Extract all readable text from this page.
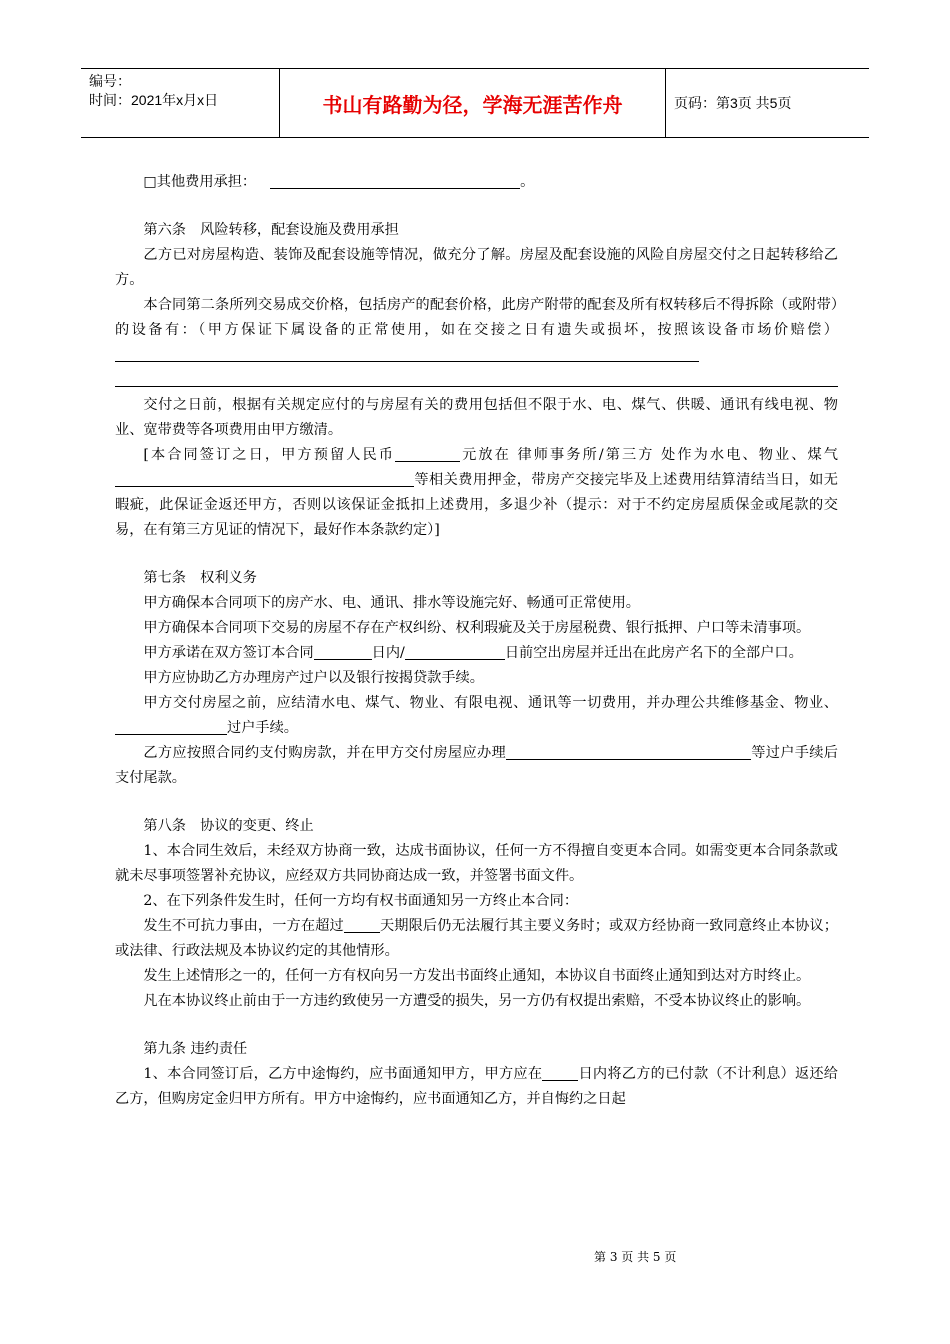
编号：
时间：2021年x月x日	书山有路勤为径，学海无涯苦作舟	页码：第3页 共5页

□其他费用承担：	。

第六条　风险转移，配套设施及费用承担

乙方已对房屋构造、装饰及配套设施等情况，做充分了解。房屋及配套设施的风险自房屋交付之日起转移给乙方。

本合同第二条所列交易成交价格，包括房产的配套价格，此房产附带的配套及所有权转移后不得拆除（或附带）的设备有：（甲方保证下属设备的正常使用，如在交接之日有遗失或损坏，按照该设备市场价赔偿）

交付之日前，根据有关规定应付的与房屋有关的费用包括但不限于水、电、煤气、供暖、通讯有线电视、物业、宽带费等各项费用由甲方缴清。

[本合同签订之日，甲方预留人民币	元放在 律师事务所/第三方 处作为水电、物业、煤气等相关费用押金，带房产交接完毕及上述费用结算清结当日，如无暇疵，此保证金返还甲方，否则以该保证金抵扣上述费用，多退少补（提示：对于不约定房屋质保金或尾款的交易，在有第三方见证的情况下，最好作本条款约定）]

第七条　权利义务

甲方确保本合同项下的房产水、电、通讯、排水等设施完好、畅通可正常使用。

甲方确保本合同项下交易的房屋不存在产权纠纷、权利瑕疵及关于房屋税费、银行抵押、户口等未清事项。

甲方承诺在双方签订本合同	日内/	日前空出房屋并迁出在此房产名下的全部户口。

甲方应协助乙方办理房产过户以及银行按揭贷款手续。

甲方交付房屋之前，应结清水电、煤气、物业、有限电视、通讯等一切费用，并办理公共维修基金、物业、过户手续。

乙方应按照合同约支付购房款，并在甲方交付房屋应办理	等过户手续后支付尾款。

第八条　协议的变更、终止

1、本合同生效后，未经双方协商一致，达成书面协议，任何一方不得擅自变更本合同。如需变更本合同条款或就未尽事项签署补充协议，应经双方共同协商达成一致，并签署书面文件。

2、在下列条件发生时，任何一方均有权书面通知另一方终止本合同：

发生不可抗力事由，一方在超过	天期限后仍无法履行其主要义务时；或双方经协商一致同意终止本协议；或法律、行政法规及本协议约定的其他情形。

发生上述情形之一的，任何一方有权向另一方发出书面终止通知，本协议自书面终止通知到达对方时终止。

凡在本协议终止前由于一方违约致使另一方遭受的损失，另一方仍有权提出索赔，不受本协议终止的影响。

第九条 违约责任

1、本合同签订后，乙方中途悔约，应书面通知甲方，甲方应在	日内将乙方的已付款（不计利息）返还给乙方，但购房定金归甲方所有。甲方中途悔约，应书面通知乙方，并自悔约之日起

第 3 页 共 5 页
